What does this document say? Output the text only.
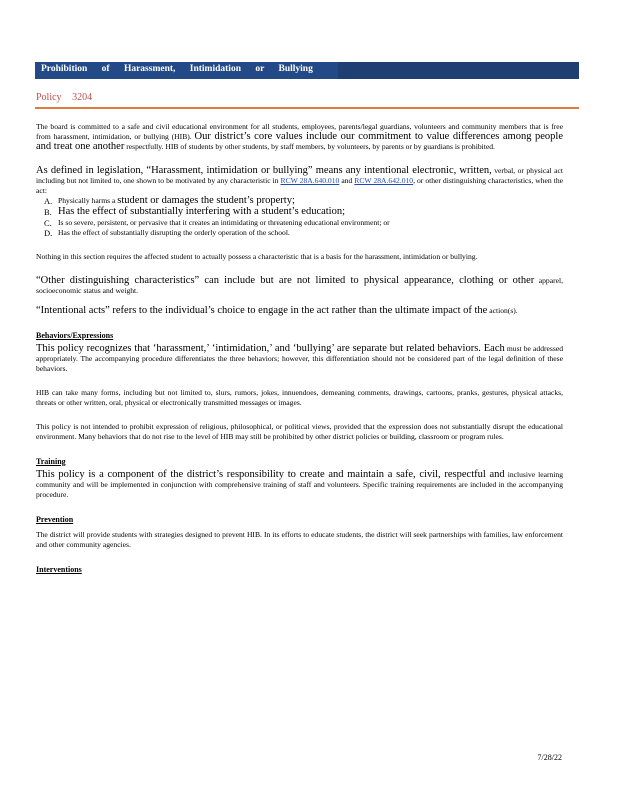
Prohibition of Harassment, Intimidation or Bullying
Policy 3204

The board is committed to a safe and civil educational environment for all students, employees, parents/legal guardians, volunteers and community members that is free from harassment, intimidation, or bullying (HIB). Our district’s core values include our commitment to value differences among people and treat one another respectfully. HIB of students by other students, by staff members, by volunteers, by parents or by guardians is prohibited.

As defined in legislation, “Harassment, intimidation or bullying” means any intentional electronic, written, verbal, or physical act including but not limited to, one shown to be motivated by any characteristic in RCW 28A.640.010 and RCW 28A.642.010, or other distinguishing characteristics, when the act:

A. Physically harms a student or damages the student’s property;
B. Has the effect of substantially interfering with a student’s education;
C. Is so severe, persistent, or pervasive that it creates an intimidating or threatening educational environment; or
D. Has the effect of substantially disrupting the orderly operation of the school.

Nothing in this section requires the affected student to actually possess a characteristic that is a basis for the harassment, intimidation or bullying.

“Other distinguishing characteristics” can include but are not limited to physical appearance, clothing or other apparel, socioeconomic status and weight.

“Intentional acts” refers to the individual’s choice to engage in the act rather than the ultimate impact of the action(s).

Behaviors/Expressions

This policy recognizes that ‘harassment,’ ‘intimidation,’ and ‘bullying’ are separate but related behaviors. Each must be addressed appropriately. The accompanying procedure differentiates the three behaviors; however, this differentiation should not be considered part of the legal definition of these behaviors.

HIB can take many forms, including but not limited to, slurs, rumors, jokes, innuendoes, demeaning comments, drawings, cartoons, pranks, gestures, physical attacks, threats or other written, oral, physical or electronically transmitted messages or images.

This policy is not intended to prohibit expression of religious, philosophical, or political views, provided that the expression does not substantially disrupt the educational environment. Many behaviors that do not rise to the level of HIB may still be prohibited by other district policies or building, classroom or program rules.

Training

This policy is a component of the district’s responsibility to create and maintain a safe, civil, respectful and inclusive learning community and will be implemented in conjunction with comprehensive training of staff and volunteers. Specific training requirements are included in the accompanying procedure.

Prevention

The district will provide students with strategies designed to prevent HIB. In its efforts to educate students, the district will seek partnerships with families, law enforcement and other community agencies.

Interventions

7/28/22
